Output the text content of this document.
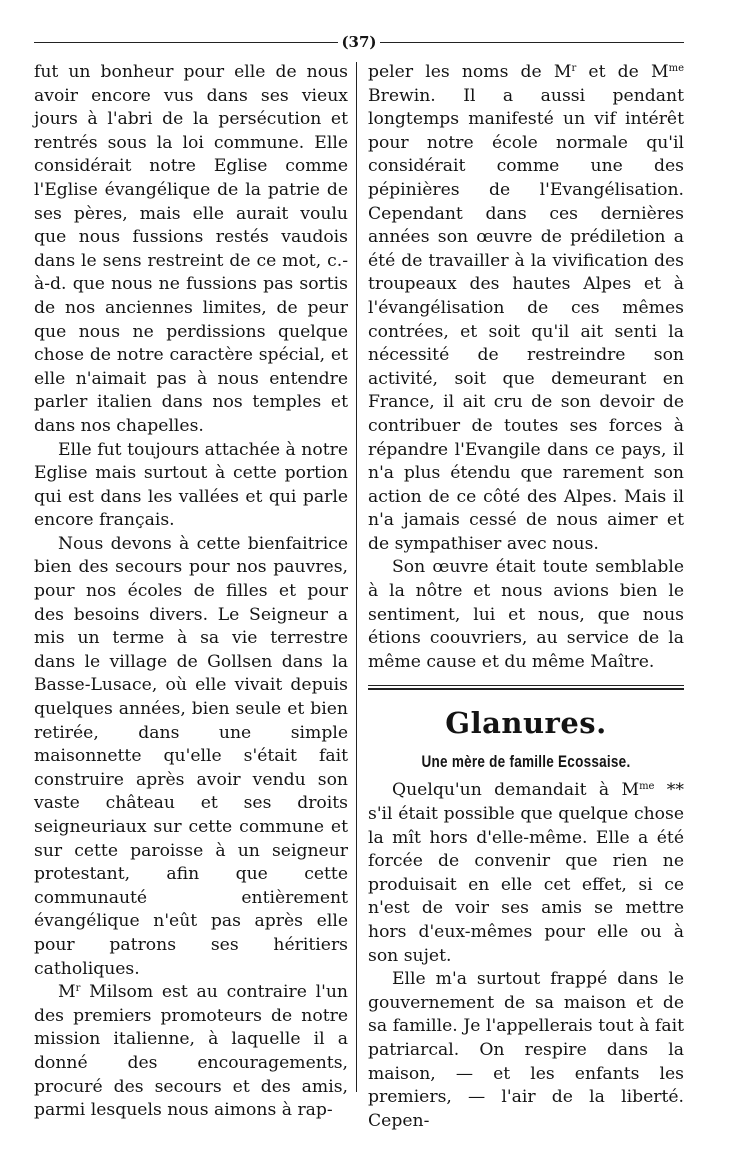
(37)

fut un bonheur pour elle de nous avoir encore vus dans ses vieux jours à l'abri de la persécution et rentrés sous la loi commune. Elle considérait notre Eglise comme l'Eglise évangélique de la patrie de ses pères, mais elle aurait voulu que nous fussions restés vaudois dans le sens restreint de ce mot, c.-à-d. que nous ne fussions pas sortis de nos anciennes limites, de peur que nous ne perdissions quelque chose de notre caractère spécial, et elle n'aimait pas à nous entendre parler italien dans nos temples et dans nos chapelles.

Elle fut toujours attachée à notre Eglise mais surtout à cette portion qui est dans les vallées et qui parle encore français.

Nous devons à cette bienfaitrice bien des secours pour nos pauvres, pour nos écoles de filles et pour des besoins divers. Le Seigneur a mis un terme à sa vie terrestre dans le village de Gollsen dans la Basse-Lusace, où elle vivait depuis quelques années, bien seule et bien retirée, dans une simple maisonnette qu'elle s'était fait construire après avoir vendu son vaste château et ses droits seigneuriaux sur cette commune et sur cette paroisse à un seigneur protestant, afin que cette communauté entièrement évangélique n'eût pas après elle pour patrons ses héritiers catholiques.

$M^r$ Milsom est au contraire l'un des premiers promoteurs de notre mission italienne, à laquelle il a donné des encouragements, procuré des secours et des amis, parmi lesquels nous aimons à rap-

peler les noms de $M^r$ et de $M^{me}$ Brewin. Il a aussi pendant longtemps manifesté un vif intérêt pour notre école normale qu'il considérait comme une des pépinières de l'Evangélisation. Cependant dans ces dernières années son œuvre de prédiletion a été de travailler à la vivification des troupeaux des hautes Alpes et à l'évangélisation de ces mêmes contrées, et soit qu'il ait senti la nécessité de restreindre son activité, soit que demeurant en France, il ait cru de son devoir de contribuer de toutes ses forces à répandre l'Evangile dans ce pays, il n'a plus étendu que rarement son action de ce côté des Alpes. Mais il n'a jamais cessé de nous aimer et de sympathiser avec nous.

Son œuvre était toute semblable à la nôtre et nous avions bien le sentiment, lui et nous, que nous étions coouvriers, au service de la même cause et du même Maître.

Glanures.
Une mère de famille Ecossaise.

Quelqu'un demandait à $M^{me} ** s'il$ était possible que quelque chose la mît hors d'elle-même. Elle a été forcée de convenir que rien ne produisait en elle cet effet, si ce n'est de voir ses amis se mettre hors d'eux-mêmes pour elle ou à son sujet.

Elle m'a surtout frappé dans le gouvernement de sa maison et de sa famille. Je l'appellerais tout à fait patriarcal. On respire dans la maison, — et les enfants les premiers, — l'air de la liberté. Cepen-
